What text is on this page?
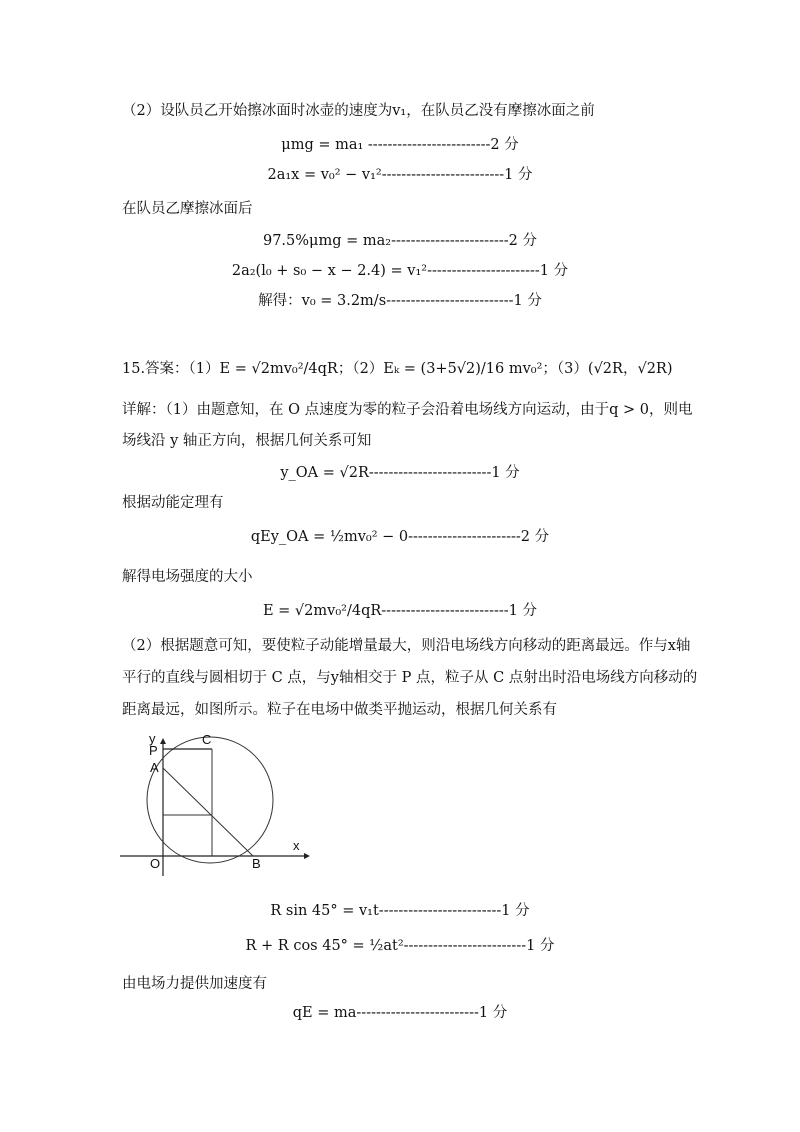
（2）设队员乙开始擦冰面时冰壶的速度为v₁，在队员乙没有摩擦冰面之前
μmg = ma₁ -------------------------2 分
2a₁x = v₀² − v₁²-------------------------1 分
在队员乙摩擦冰面后
97.5%μmg = ma₂------------------------2 分
2a₂(l₀ + s₀ − x − 2.4) = v₁²-----------------------1 分
解得：v₀ = 3.2m/s--------------------------1 分
15.答案：（1）E = √2mv₀²/4qR；（2）Eₖ = (3+5√2)/16 mv₀²；（3）(√2R，√2R)
详解：（1）由题意知，在 O 点速度为零的粒子会沿着电场线方向运动，由于q > 0，则电
场线沿 y 轴正方向，根据几何关系可知
y_OA = √2R-------------------------1 分
根据动能定理有
qEy_OA = ½mv₀² − 0-----------------------2 分
解得电场强度的大小
E = √2mv₀²/4qR--------------------------1 分
（2）根据题意可知，要使粒子动能增量最大，则沿电场线方向移动的距离最远。作与x轴
平行的直线与圆相切于 C 点，与y轴相交于 P 点，粒子从 C 点射出时沿电场线方向移动的
距离最远，如图所示。粒子在电场中做类平抛运动，根据几何关系有
y
P
C
A
O	B
x
R sin 45° = v₁t-------------------------1 分
R + R cos 45° = ½at²-------------------------1 分
由电场力提供加速度有
qE = ma-------------------------1 分
